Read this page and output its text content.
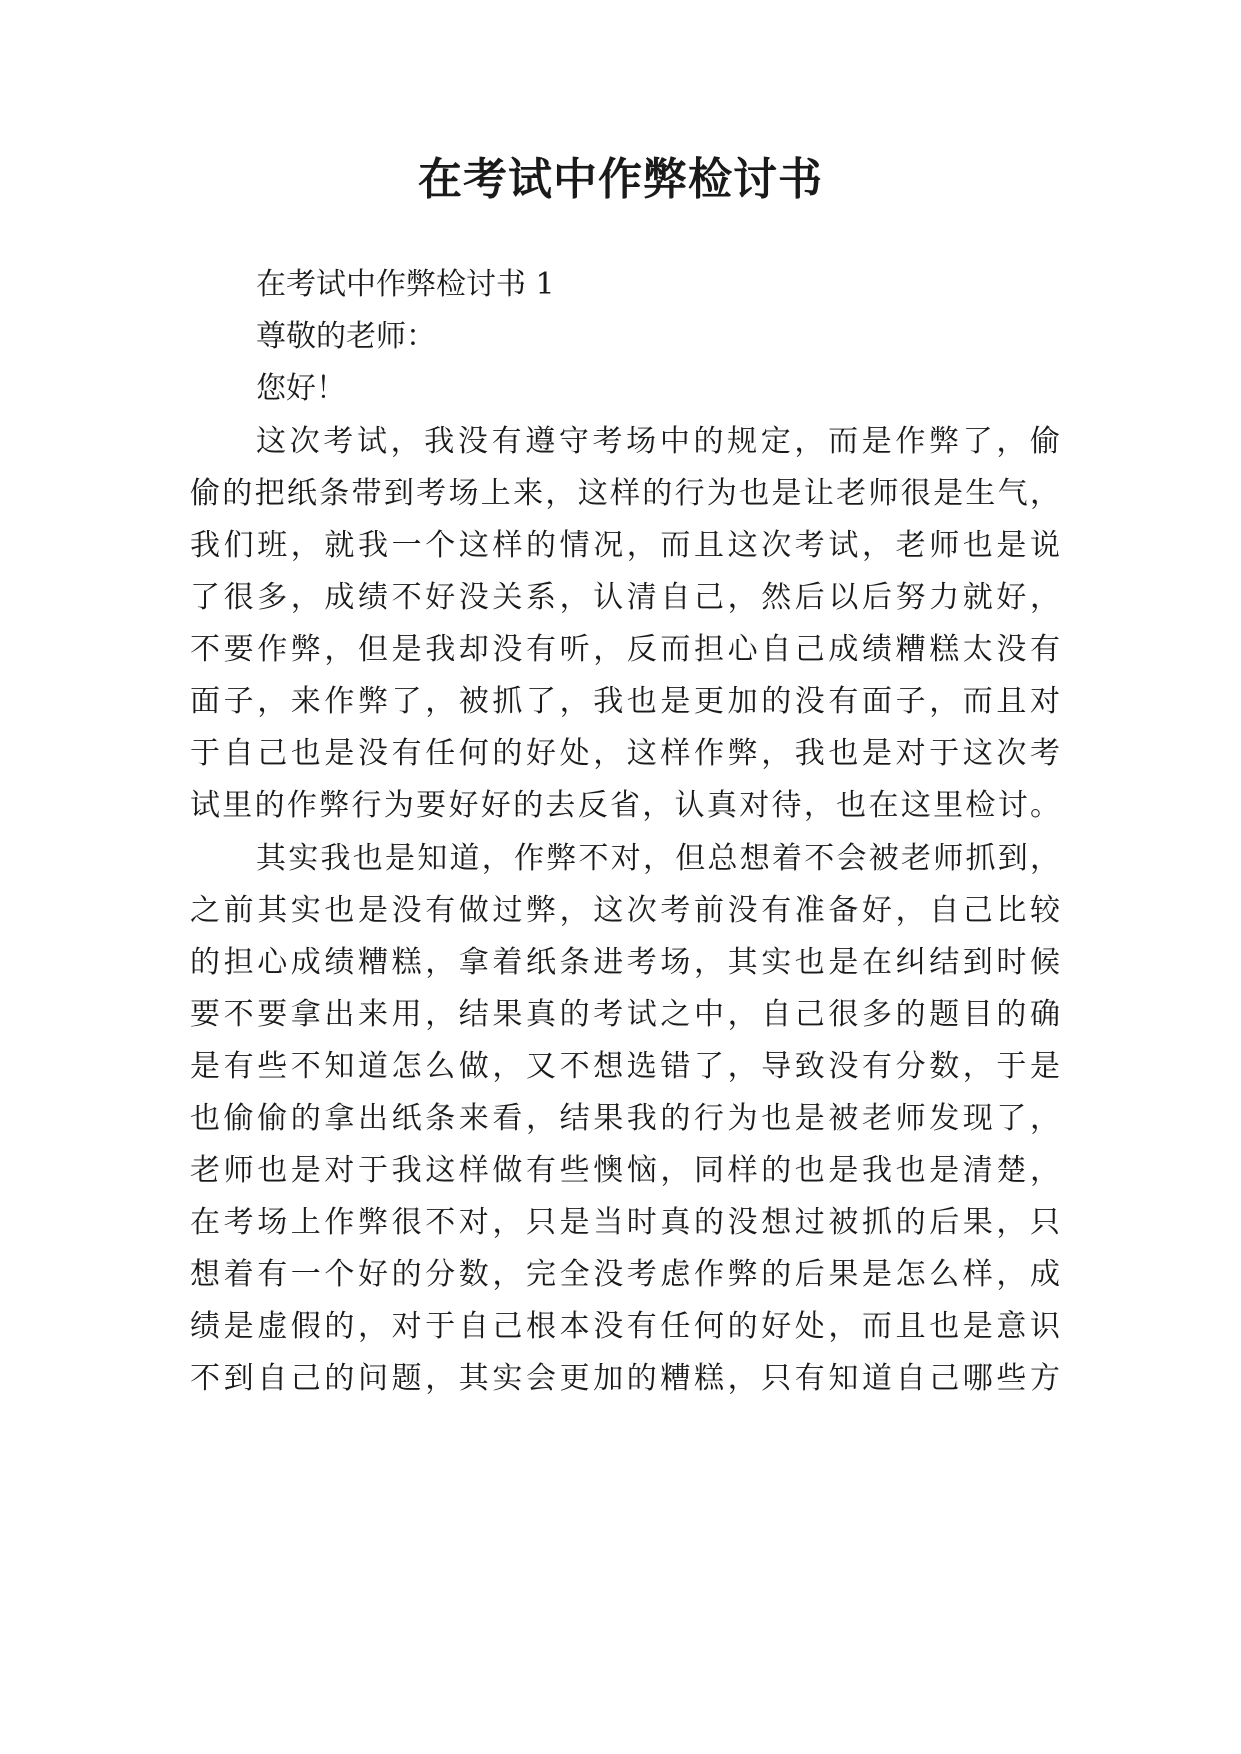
在考试中作弊检讨书
在考试中作弊检讨书 1
尊敬的老师：
您好！
这次考试，我没有遵守考场中的规定，而是作弊了，偷
偷的把纸条带到考场上来，这样的行为也是让老师很是生气，
我们班，就我一个这样的情况，而且这次考试，老师也是说
了很多，成绩不好没关系，认清自己，然后以后努力就好，
不要作弊，但是我却没有听，反而担心自己成绩糟糕太没有
面子，来作弊了，被抓了，我也是更加的没有面子，而且对
于自己也是没有任何的好处，这样作弊，我也是对于这次考
试里的作弊行为要好好的去反省，认真对待，也在这里检讨。
其实我也是知道，作弊不对，但总想着不会被老师抓到，
之前其实也是没有做过弊，这次考前没有准备好，自己比较
的担心成绩糟糕，拿着纸条进考场，其实也是在纠结到时候
要不要拿出来用，结果真的考试之中，自己很多的题目的确
是有些不知道怎么做，又不想选错了，导致没有分数，于是
也偷偷的拿出纸条来看，结果我的行为也是被老师发现了，
老师也是对于我这样做有些懊恼，同样的也是我也是清楚，
在考场上作弊很不对，只是当时真的没想过被抓的后果，只
想着有一个好的分数，完全没考虑作弊的后果是怎么样，成
绩是虚假的，对于自己根本没有任何的好处，而且也是意识
不到自己的问题，其实会更加的糟糕，只有知道自己哪些方
